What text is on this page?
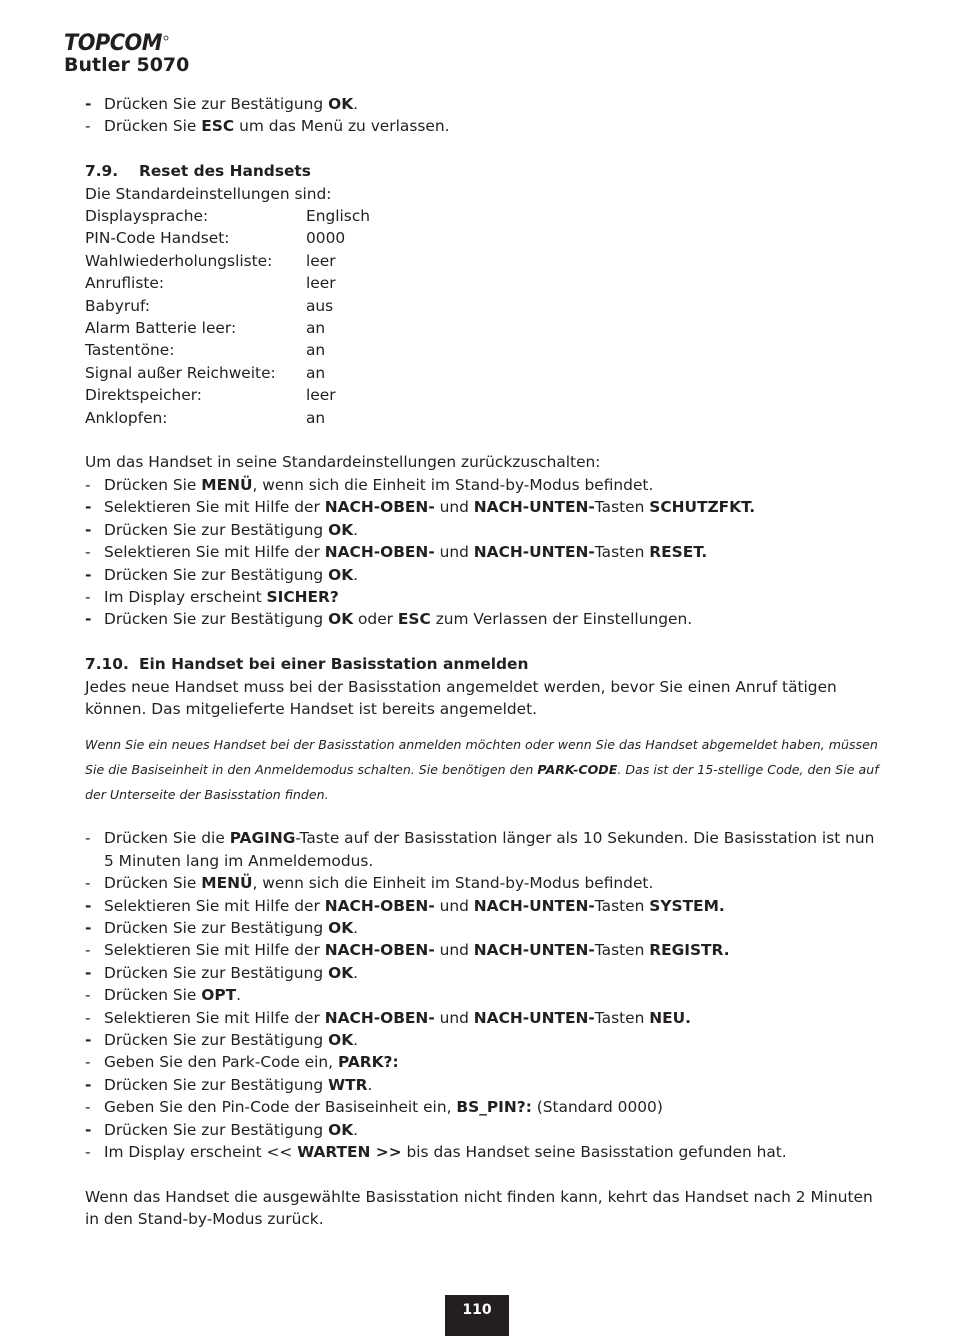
TOPCOM
Butler 5070
- Drücken Sie zur Bestätigung OK.
- Drücken Sie ESC um das Menü zu verlassen.
7.9. Reset des Handsets
Die Standardeinstellungen sind:
Displaysprache:	Englisch
PIN-Code Handset:	0000
Wahlwiederholungsliste:	leer
Anrufliste:	leer
Babyruf:	aus
Alarm Batterie leer:	an
Tastentöne:	an
Signal außer Reichweite:	an
Direktspeicher:	leer
Anklopfen:	an
Um das Handset in seine Standardeinstellungen zurückzuschalten:
- Drücken Sie MENÜ, wenn sich die Einheit im Stand-by-Modus befindet.
- Selektieren Sie mit Hilfe der NACH-OBEN- und NACH-UNTEN-Tasten SCHUTZFKT.
- Drücken Sie zur Bestätigung OK.
- Selektieren Sie mit Hilfe der NACH-OBEN- und NACH-UNTEN-Tasten RESET.
- Drücken Sie zur Bestätigung OK.
- Im Display erscheint SICHER?
- Drücken Sie zur Bestätigung OK oder ESC zum Verlassen der Einstellungen.
7.10. Ein Handset bei einer Basisstation anmelden
Jedes neue Handset muss bei der Basisstation angemeldet werden, bevor Sie einen Anruf tätigen können. Das mitgelieferte Handset ist bereits angemeldet.
Wenn Sie ein neues Handset bei der Basisstation anmelden möchten oder wenn Sie das Handset abgemeldet haben, müssen Sie die Basiseinheit in den Anmeldemodus schalten. Sie benötigen den PARK-CODE. Das ist der 15-stellige Code, den Sie auf der Unterseite der Basisstation finden.
- Drücken Sie die PAGING-Taste auf der Basisstation länger als 10 Sekunden. Die Basisstation ist nun 5 Minuten lang im Anmeldemodus.
- Drücken Sie MENÜ, wenn sich die Einheit im Stand-by-Modus befindet.
- Selektieren Sie mit Hilfe der NACH-OBEN- und NACH-UNTEN-Tasten SYSTEM.
- Drücken Sie zur Bestätigung OK.
- Selektieren Sie mit Hilfe der NACH-OBEN- und NACH-UNTEN-Tasten REGISTR.
- Drücken Sie zur Bestätigung OK.
- Drücken Sie OPT.
- Selektieren Sie mit Hilfe der NACH-OBEN- und NACH-UNTEN-Tasten NEU.
- Drücken Sie zur Bestätigung OK.
- Geben Sie den Park-Code ein, PARK?:
- Drücken Sie zur Bestätigung WTR.
- Geben Sie den Pin-Code der Basiseinheit ein, BS_PIN?: (Standard 0000)
- Drücken Sie zur Bestätigung OK.
- Im Display erscheint << WARTEN >> bis das Handset seine Basisstation gefunden hat.
Wenn das Handset die ausgewählte Basisstation nicht finden kann, kehrt das Handset nach 2 Minuten in den Stand-by-Modus zurück.
110
